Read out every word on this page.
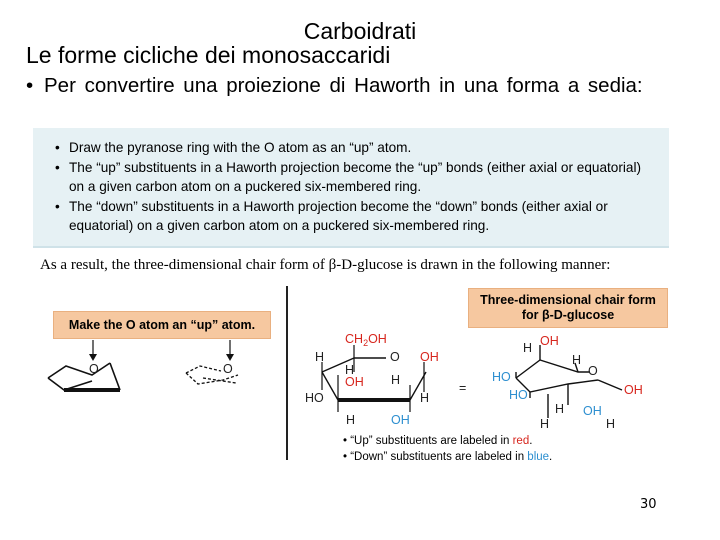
Carboidrati
Le forme cicliche dei monosaccaridi
• Per convertire una proiezione di Haworth in una forma a sedia:
• Draw the pyranose ring with the O atom as an “up” atom.
• The “up” substituents in a Haworth projection become the “up” bonds (either axial or equatorial) on a given carbon atom on a puckered six-membered ring.
• The “down” substituents in a Haworth projection become the “down” bonds (either axial or equatorial) on a given carbon atom on a puckered six-membered ring.
As a result, the three-dimensional chair form of β-D-glucose is drawn in the following manner:
Make the O atom an “up” atom.
Three-dimensional chair form
for β-D-glucose
O	O
$CH_2OH$
H	O OH
H
OH H
HO	H
H	OH
=
H OH
H
O
HO
OH
HO
H OH
H	H
• “Up” substituents are labeled in red.
• “Down” substituents are labeled in blue.
30
